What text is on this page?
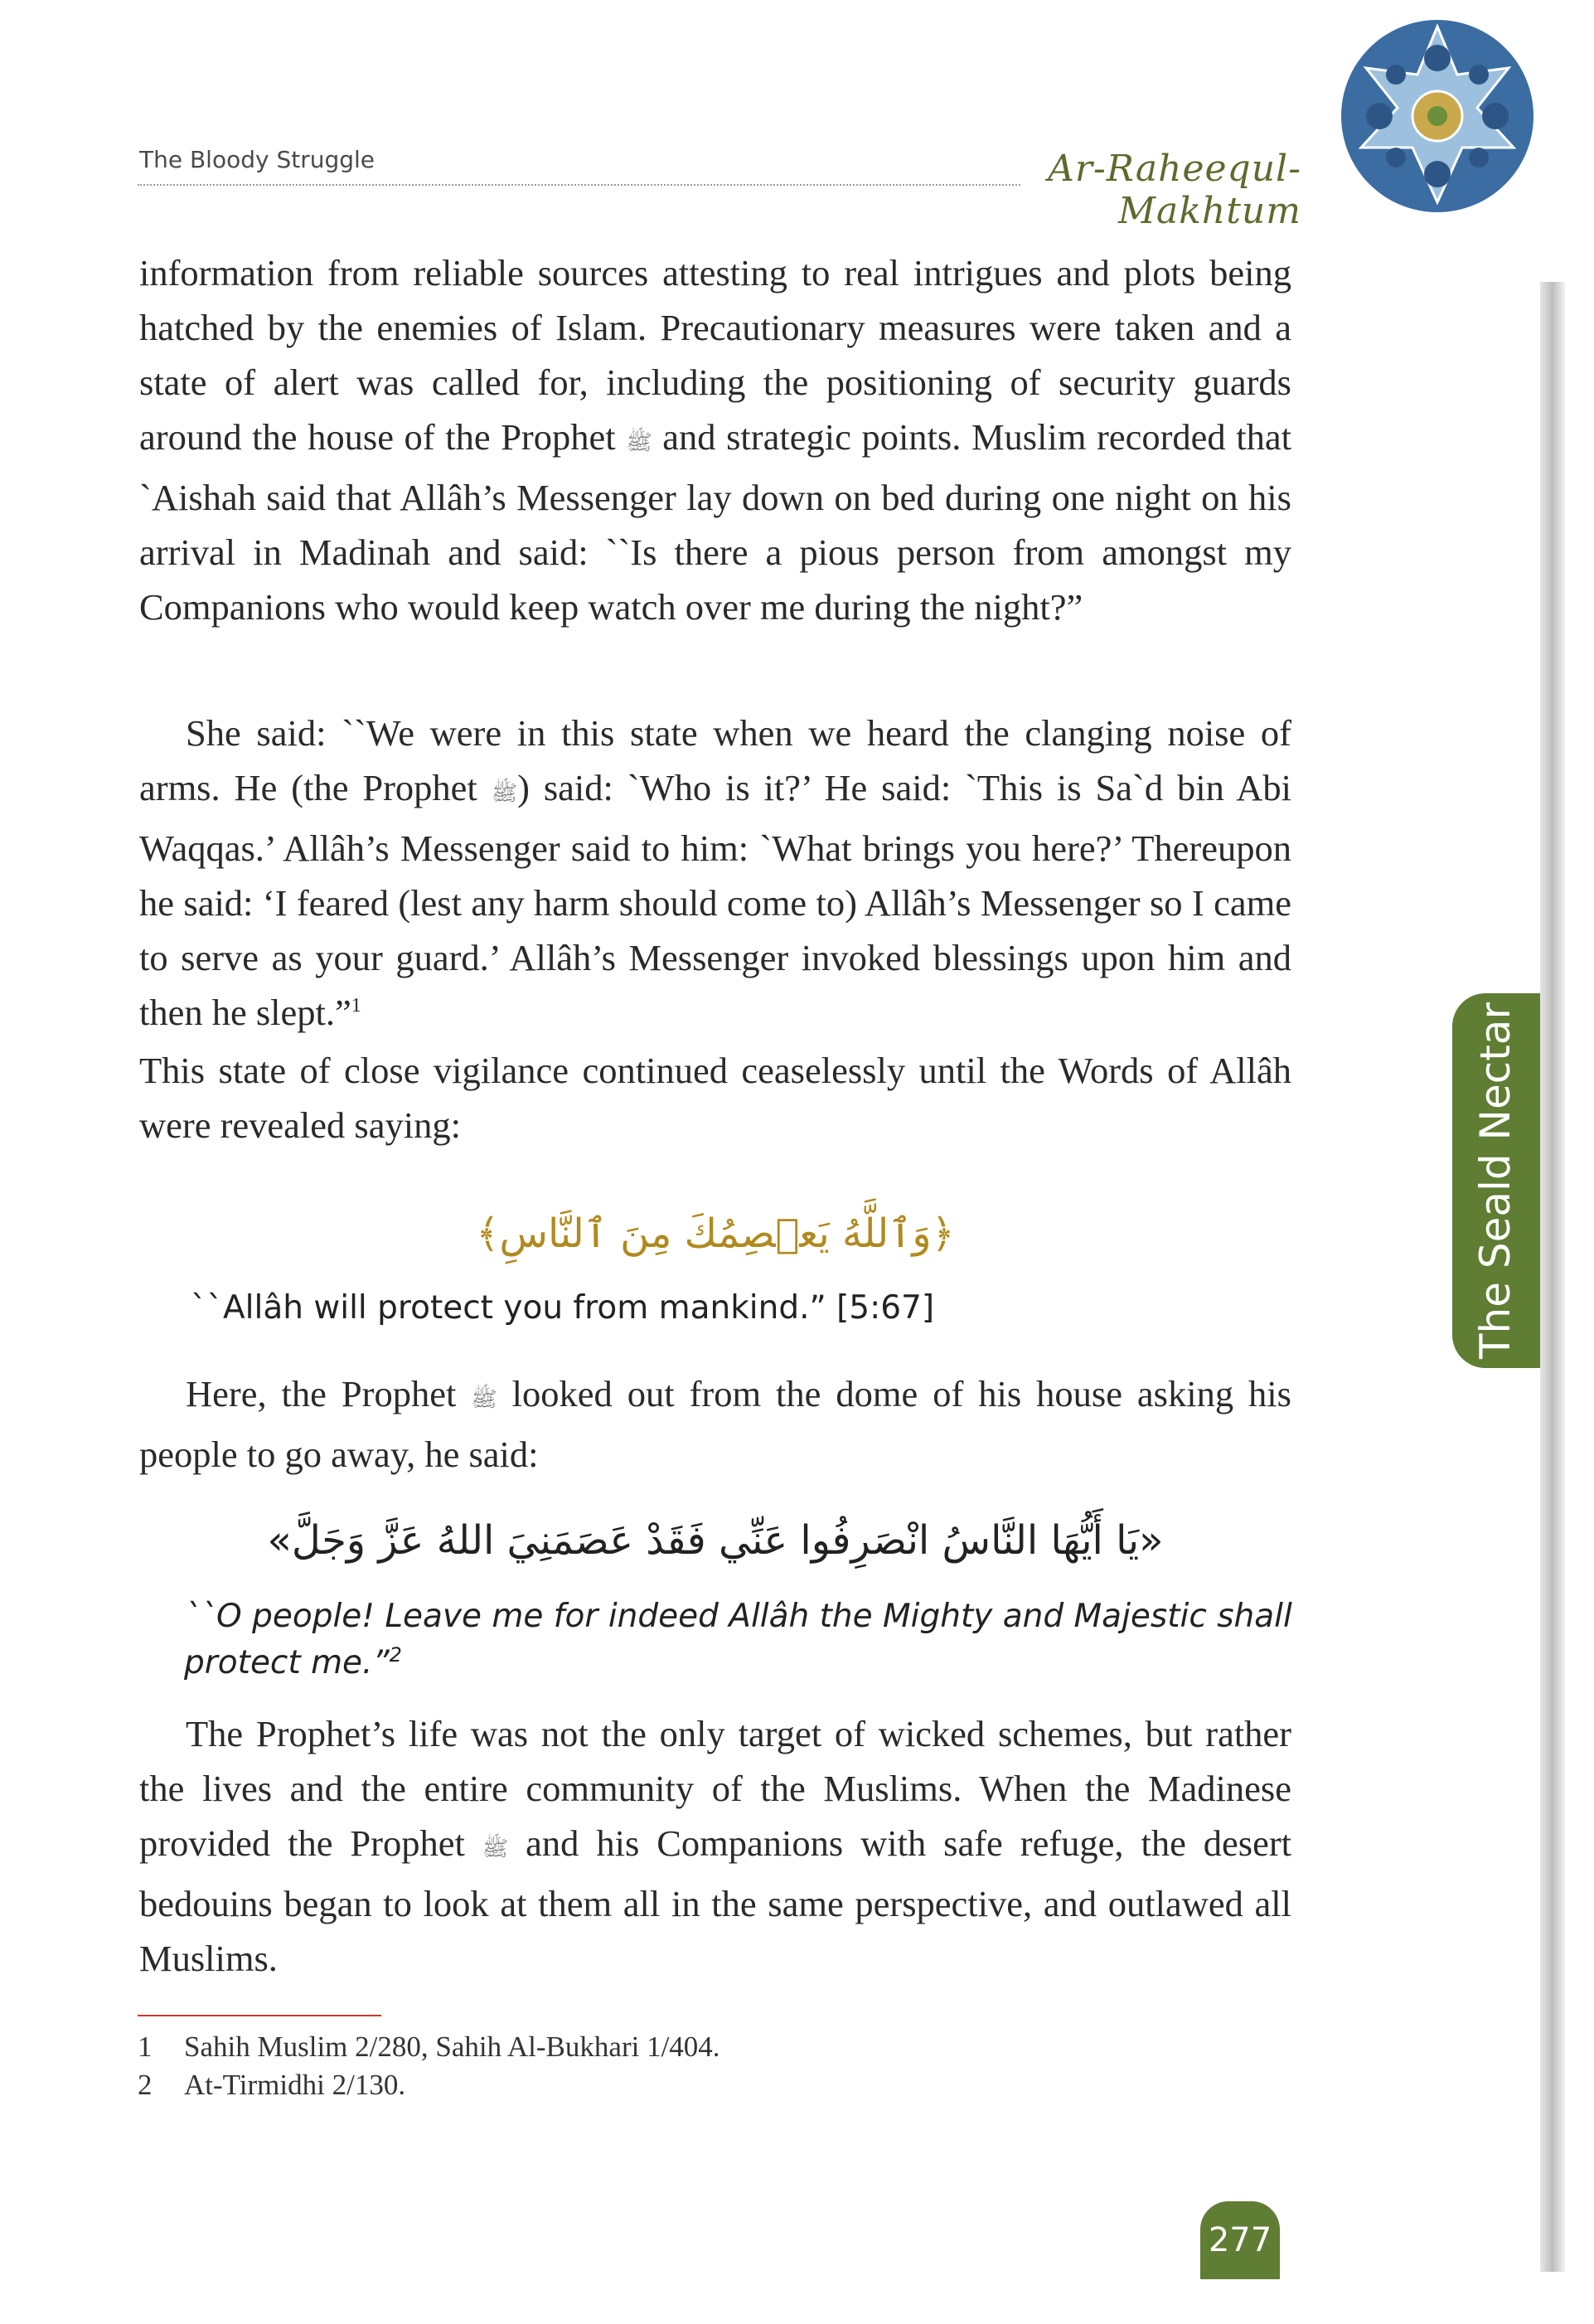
The Bloody Struggle	Ar-Raheequl-Makhtum
The Seald Nectar

information from reliable sources attesting to real intrigues and plots being hatched by the enemies of Islam. Precautionary measures were taken and a state of alert was called for, including the positioning of security guards around the house of the Prophet ﷺ and strategic points. Muslim recorded that `Aishah said that Allâh’s Messenger lay down on bed during one night on his arrival in Madinah and said: ``Is there a pious person from amongst my Companions who would keep watch over me during the night?”

She said: ``We were in this state when we heard the clanging noise of arms. He (the Prophet ﷺ) said: `Who is it?’ He said: `This is Sa`d bin Abi Waqqas.’ Allâh’s Messenger said to him: `What brings you here?’ Thereupon he said: ‘I feared (lest any harm should come to) Allâh’s Messenger so I came to serve as your guard.’ Allâh’s Messenger invoked blessings upon him and then he slept.”$^1$

This state of close vigilance continued ceaselessly until the Words of Allâh were revealed saying:

﴿وَٱللَّهُ يَعۡصِمُكَ مِنَ ٱلنَّاسِ﴾

``Allâh will protect you from mankind.” [5:67]

Here, the Prophet ﷺ looked out from the dome of his house asking his people to go away, he said:

«يَا أَيُّهَا النَّاسُ انْصَرِفُوا عَنِّي فَقَدْ عَصَمَنِيَ اللهُ عَزَّ وَجَلَّ»

``O people! Leave me for indeed Allâh the Mighty and Majestic shall protect me.”$^2$

The Prophet’s life was not the only target of wicked schemes, but rather the lives and the entire community of the Muslims. When the Madinese provided the Prophet ﷺ and his Companions with safe refuge, the desert bedouins began to look at them all in the same perspective, and outlawed all Muslims.

1 Sahih Muslim 2/280, Sahih Al-Bukhari 1/404.
2 At-Tirmidhi 2/130.
277
